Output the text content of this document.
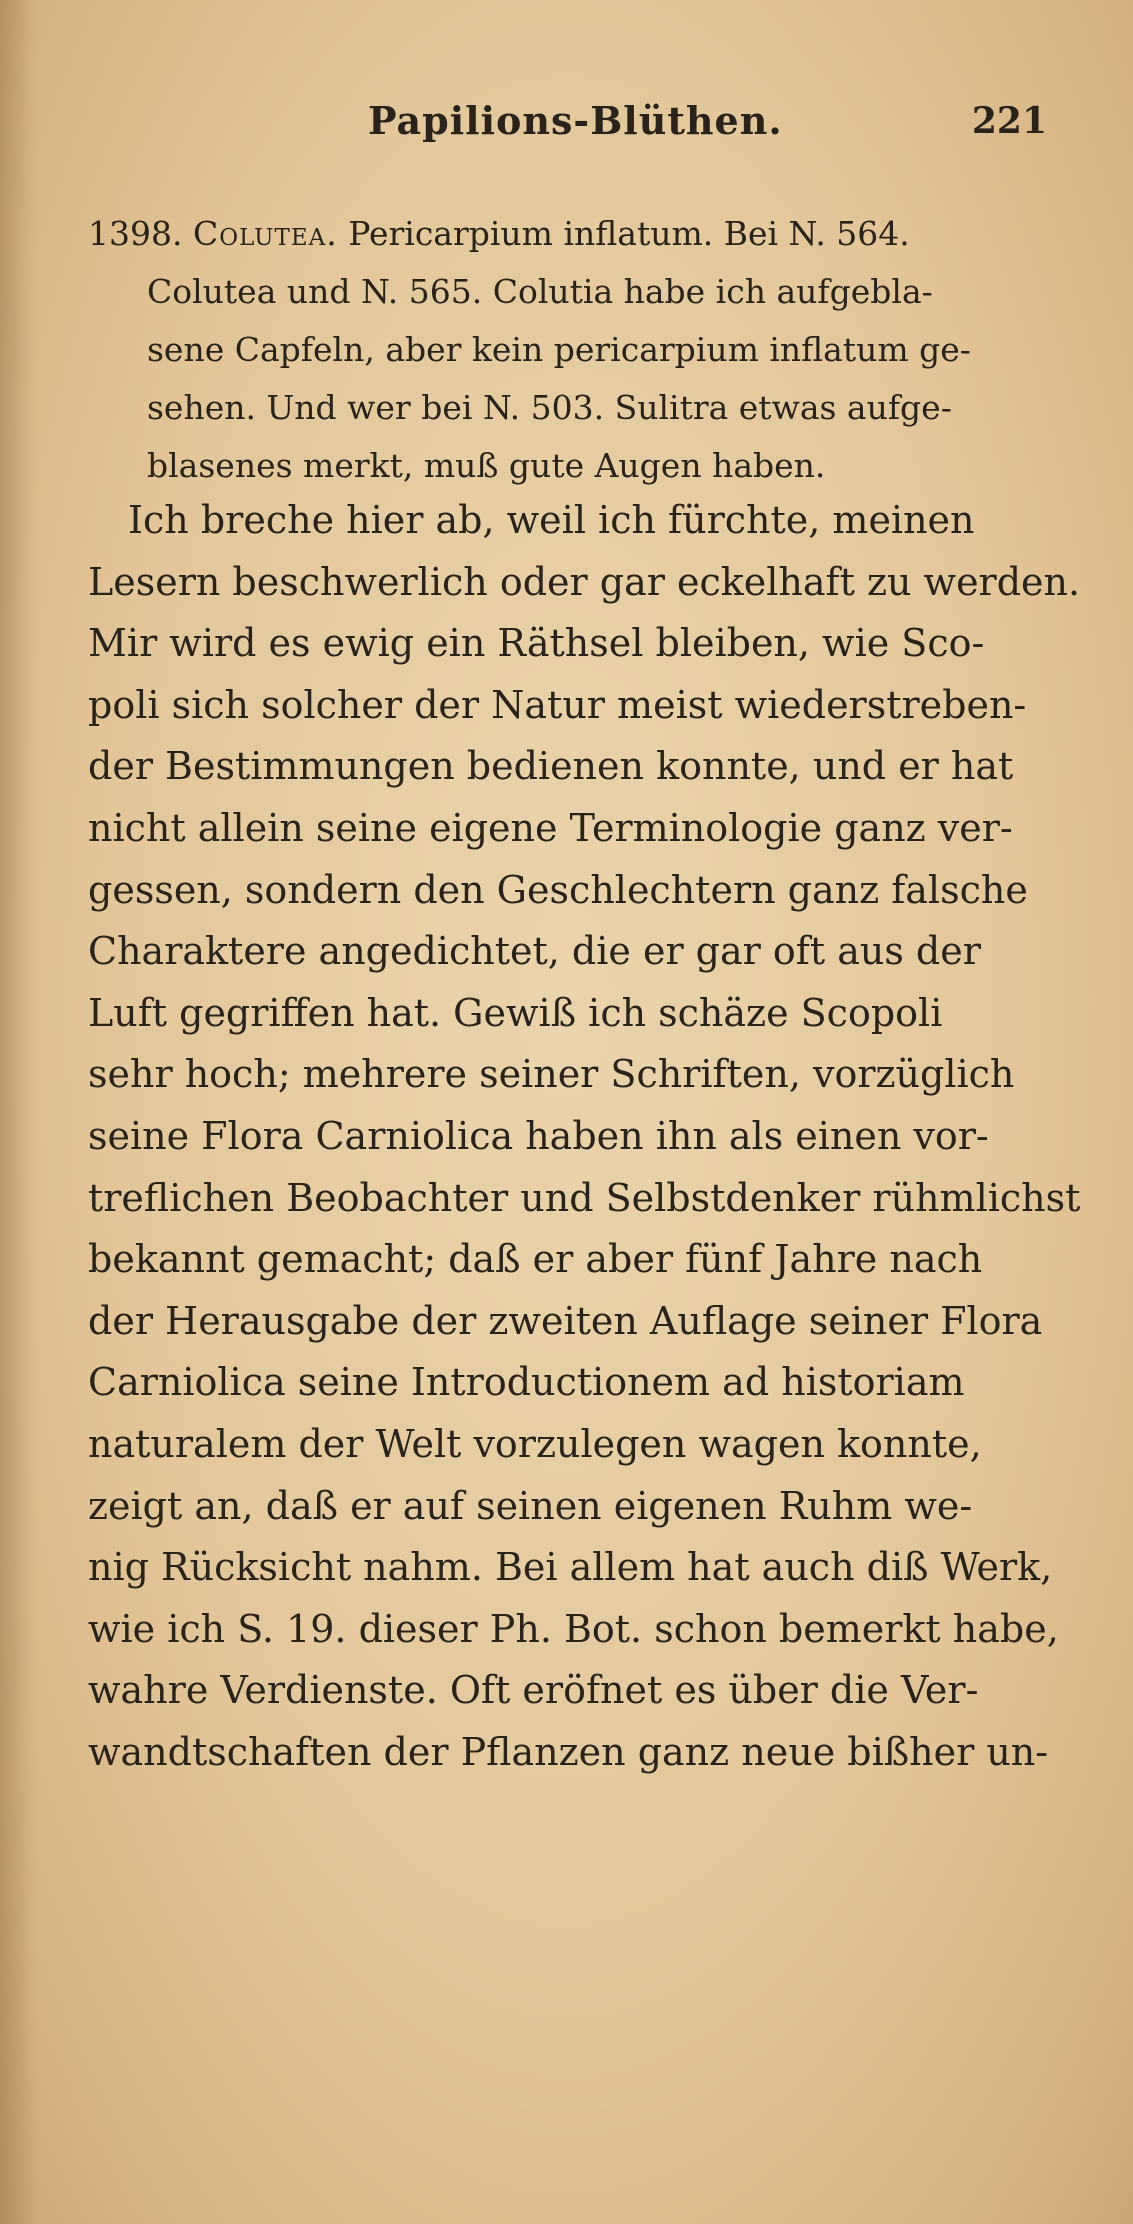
Papilions-Blüthen.	221
1398. Colutea. Pericarpium inflatum. Bei N. 564.
Colutea und N. 565. Colutia habe ich aufgebla-
sene Capfeln, aber kein pericarpium inflatum ge-
sehen. Und wer bei N. 503. Sulitra etwas aufge-
blasenes merkt, muß gute Augen haben.
Ich breche hier ab, weil ich fürchte, meinen
Lesern beschwerlich oder gar eckelhaft zu werden.
Mir wird es ewig ein Räthsel bleiben, wie Sco-
poli sich solcher der Natur meist wiederstreben-
der Bestimmungen bedienen konnte, und er hat
nicht allein seine eigene Terminologie ganz ver-
gessen, sondern den Geschlechtern ganz falsche
Charaktere angedichtet, die er gar oft aus der
Luft gegriffen hat. Gewiß ich schäze Scopoli
sehr hoch; mehrere seiner Schriften, vorzüglich
seine Flora Carniolica haben ihn als einen vor-
treflichen Beobachter und Selbstdenker rühmlichst
bekannt gemacht; daß er aber fünf Jahre nach
der Herausgabe der zweiten Auflage seiner Flora
Carniolica seine Introductionem ad historiam
naturalem der Welt vorzulegen wagen konnte,
zeigt an, daß er auf seinen eigenen Ruhm we-
nig Rücksicht nahm. Bei allem hat auch diß Werk,
wie ich S. 19. dieser Ph. Bot. schon bemerkt habe,
wahre Verdienste. Oft eröfnet es über die Ver-
wandtschaften der Pflanzen ganz neue bißher un-
